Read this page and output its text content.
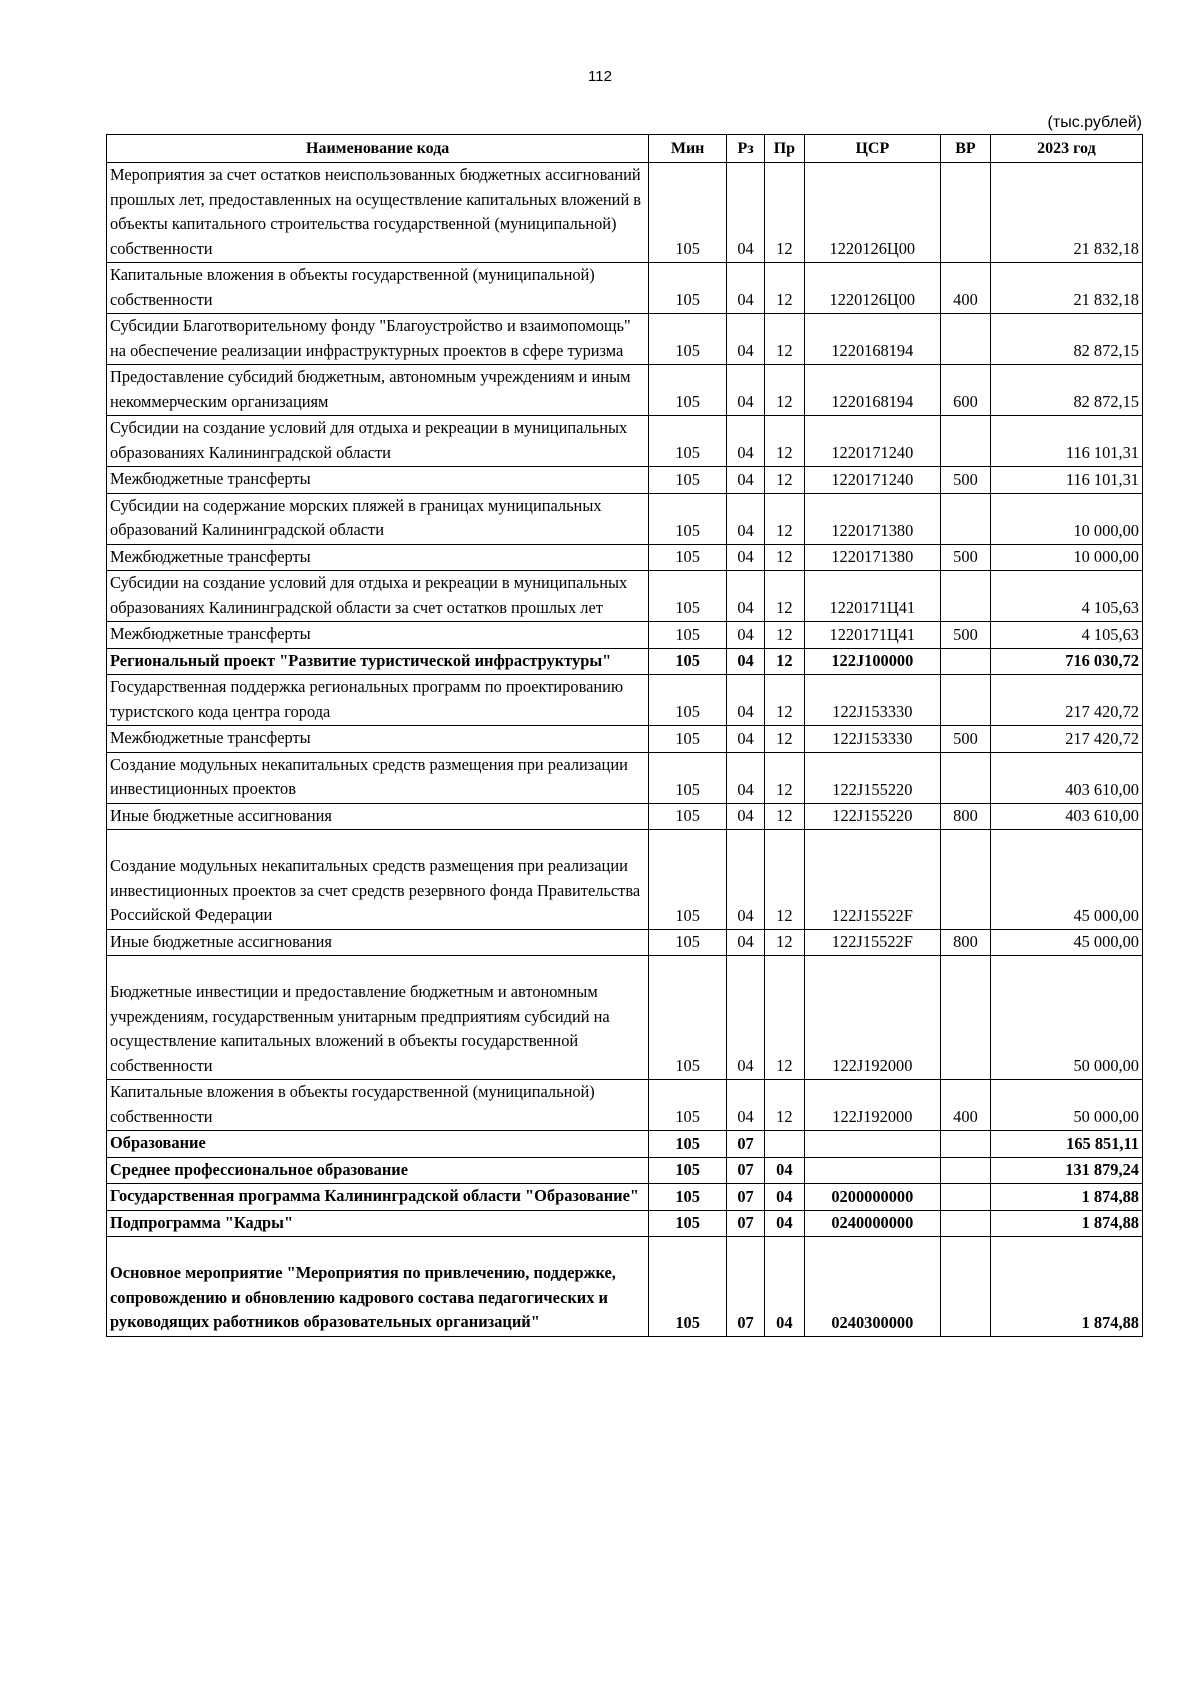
112
(тыс.рублей)
Наименование кода	Мин	Рз	Пр	ЦСР	ВР	2023 год
Мероприятия за счет остатков неиспользованных бюджетных ассигнований прошлых лет, предоставленных на осуществление капитальных вложений в объекты капитального строительства государственной (муниципальной) собственности	105	04	12	1220126Ц00		21 832,18
Капитальные вложения в объекты государственной (муниципальной) собственности	105	04	12	1220126Ц00	400	21 832,18
Субсидии Благотворительному фонду "Благоустройство и взаимопомощь" на обеспечение реализации инфраструктурных проектов в сфере туризма	105	04	12	1220168194		82 872,15
Предоставление субсидий бюджетным, автономным учреждениям и иным некоммерческим организациям	105	04	12	1220168194	600	82 872,15
Субсидии на создание условий для отдыха и рекреации в муниципальных образованиях Калининградской области	105	04	12	1220171240		116 101,31
Межбюджетные трансферты	105	04	12	1220171240	500	116 101,31
Субсидии на содержание морских пляжей в границах муниципальных образований Калининградской области	105	04	12	1220171380		10 000,00
Межбюджетные трансферты	105	04	12	1220171380	500	10 000,00
Субсидии на создание условий для отдыха и рекреации в муниципальных образованиях Калининградской области за счет остатков прошлых лет	105	04	12	1220171Ц41		4 105,63
Межбюджетные трансферты	105	04	12	1220171Ц41	500	4 105,63
Региональный проект "Развитие туристической инфраструктуры"	105	04	12	122J100000		716 030,72
Государственная поддержка региональных программ по проектированию туристского кода центра города	105	04	12	122J153330		217 420,72
Межбюджетные трансферты	105	04	12	122J153330	500	217 420,72
Создание модульных некапитальных средств размещения при реализации инвестиционных проектов	105	04	12	122J155220		403 610,00
Иные бюджетные ассигнования	105	04	12	122J155220	800	403 610,00
Создание модульных некапитальных средств размещения при реализации инвестиционных проектов за счет средств резервного фонда Правительства Российской Федерации	105	04	12	122J15522F		45 000,00
Иные бюджетные ассигнования	105	04	12	122J15522F	800	45 000,00
Бюджетные инвестиции и предоставление бюджетным и автономным учреждениям, государственным унитарным предприятиям субсидий на осуществление капитальных вложений в объекты государственной собственности	105	04	12	122J192000		50 000,00
Капитальные вложения в объекты государственной (муниципальной) собственности	105	04	12	122J192000	400	50 000,00
Образование	105	07				165 851,11
Среднее профессиональное образование	105	07	04			131 879,24
Государственная программа Калининградской области "Образование"	105	07	04	0200000000		1 874,88
Подпрограмма "Кадры"	105	07	04	0240000000		1 874,88
Основное мероприятие "Мероприятия по привлечению, поддержке, сопровождению и обновлению кадрового состава педагогических и руководящих работников образовательных организаций"	105	07	04	0240300000		1 874,88
